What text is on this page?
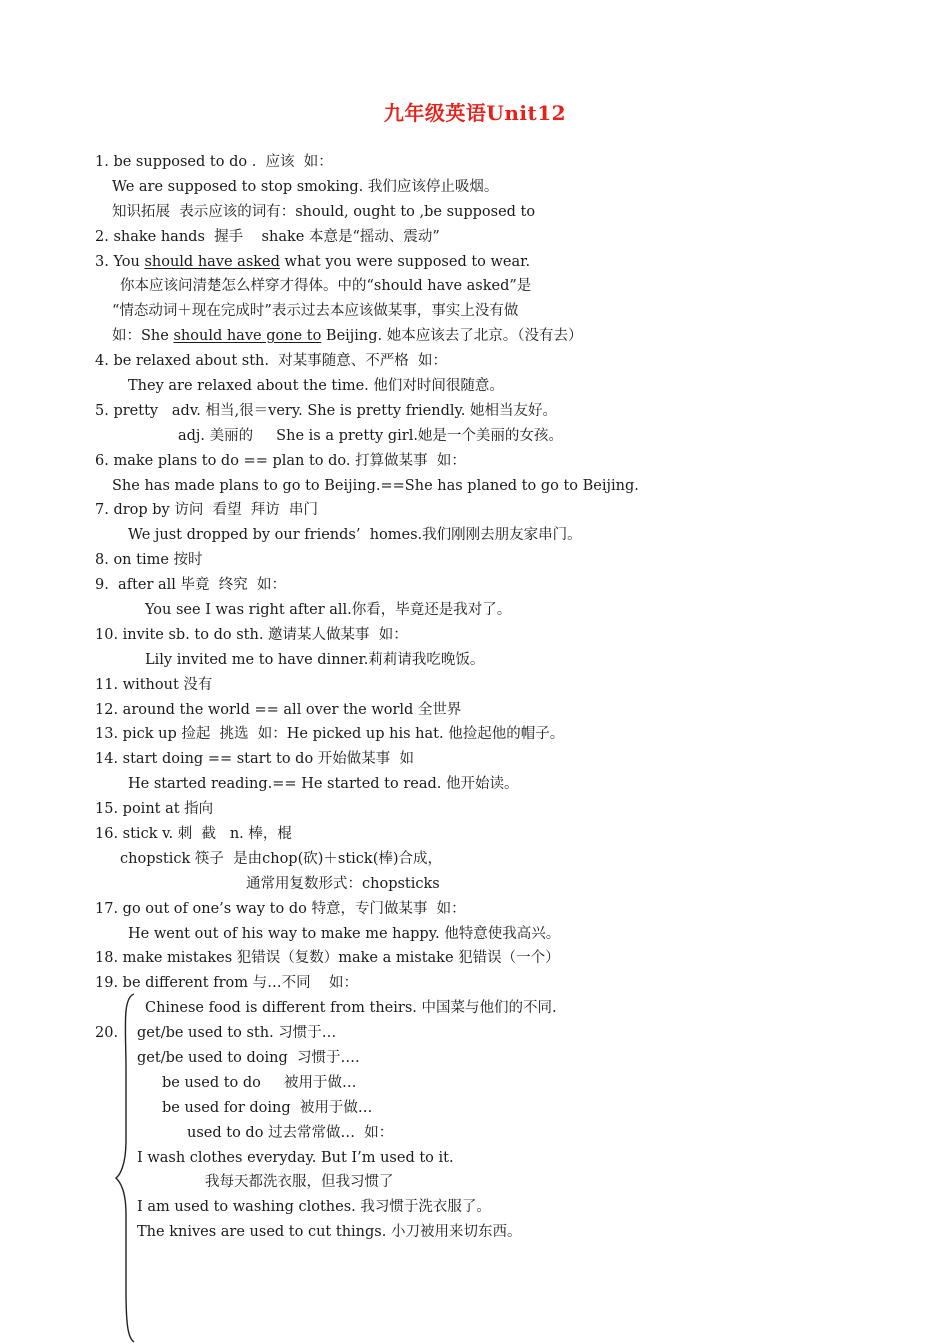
九年级英语Unit12
1. be supposed to do .  应该  如：
We are supposed to stop smoking. 我们应该停止吸烟。
知识拓展  表示应该的词有：should, ought to ,be supposed to
2. shake hands  握手    shake 本意是“摇动、震动”
3. You should have asked what you were supposed to wear.
你本应该问清楚怎么样穿才得体。中的“should have asked”是
“情态动词＋现在完成时”表示过去本应该做某事，事实上没有做
如：She should have gone to Beijing. 她本应该去了北京。（没有去）
4. be relaxed about sth.  对某事随意、不严格  如：
They are relaxed about the time. 他们对时间很随意。
5. pretty   adv. 相当,很＝very. She is pretty friendly. 她相当友好。
adj. 美丽的     She is a pretty girl.她是一个美丽的女孩。
6. make plans to do == plan to do. 打算做某事  如：
She has made plans to go to Beijing.==She has planed to go to Beijing.
7. drop by 访问  看望  拜访  串门
We just dropped by our friends’  homes.我们刚刚去朋友家串门。
8. on time 按时
9.  after all 毕竟  终究  如：
You see I was right after all.你看，毕竟还是我对了。
10. invite sb. to do sth. 邀请某人做某事  如：
Lily invited me to have dinner.莉莉请我吃晚饭。
11. without 没有
12. around the world == all over the world 全世界
13. pick up 捡起  挑选  如：He picked up his hat. 他捡起他的帽子。
14. start doing == start to do 开始做某事  如
He started reading.== He started to read. 他开始读。
15. point at 指向
16. stick v. 刺  截   n. 棒，棍
chopstick 筷子  是由chop(砍)＋stick(棒)合成，
通常用复数形式：chopsticks
17. go out of one’s way to do 特意，专门做某事  如：
He went out of his way to make me happy. 他特意使我高兴。
18. make mistakes 犯错误（复数）make a mistake 犯错误（一个）
19. be different from 与…不同    如：
Chinese food is different from theirs. 中国菜与他们的不同.
20. get/be used to sth. 习惯于…
get/be used to doing  习惯于….
be used to do     被用于做…
be used for doing  被用于做…
used to do 过去常常做…  如：
I wash clothes everyday. But I’m used to it.
我每天都洗衣服，但我习惯了
I am used to washing clothes. 我习惯于洗衣服了。
The knives are used to cut things. 小刀被用来切东西。
